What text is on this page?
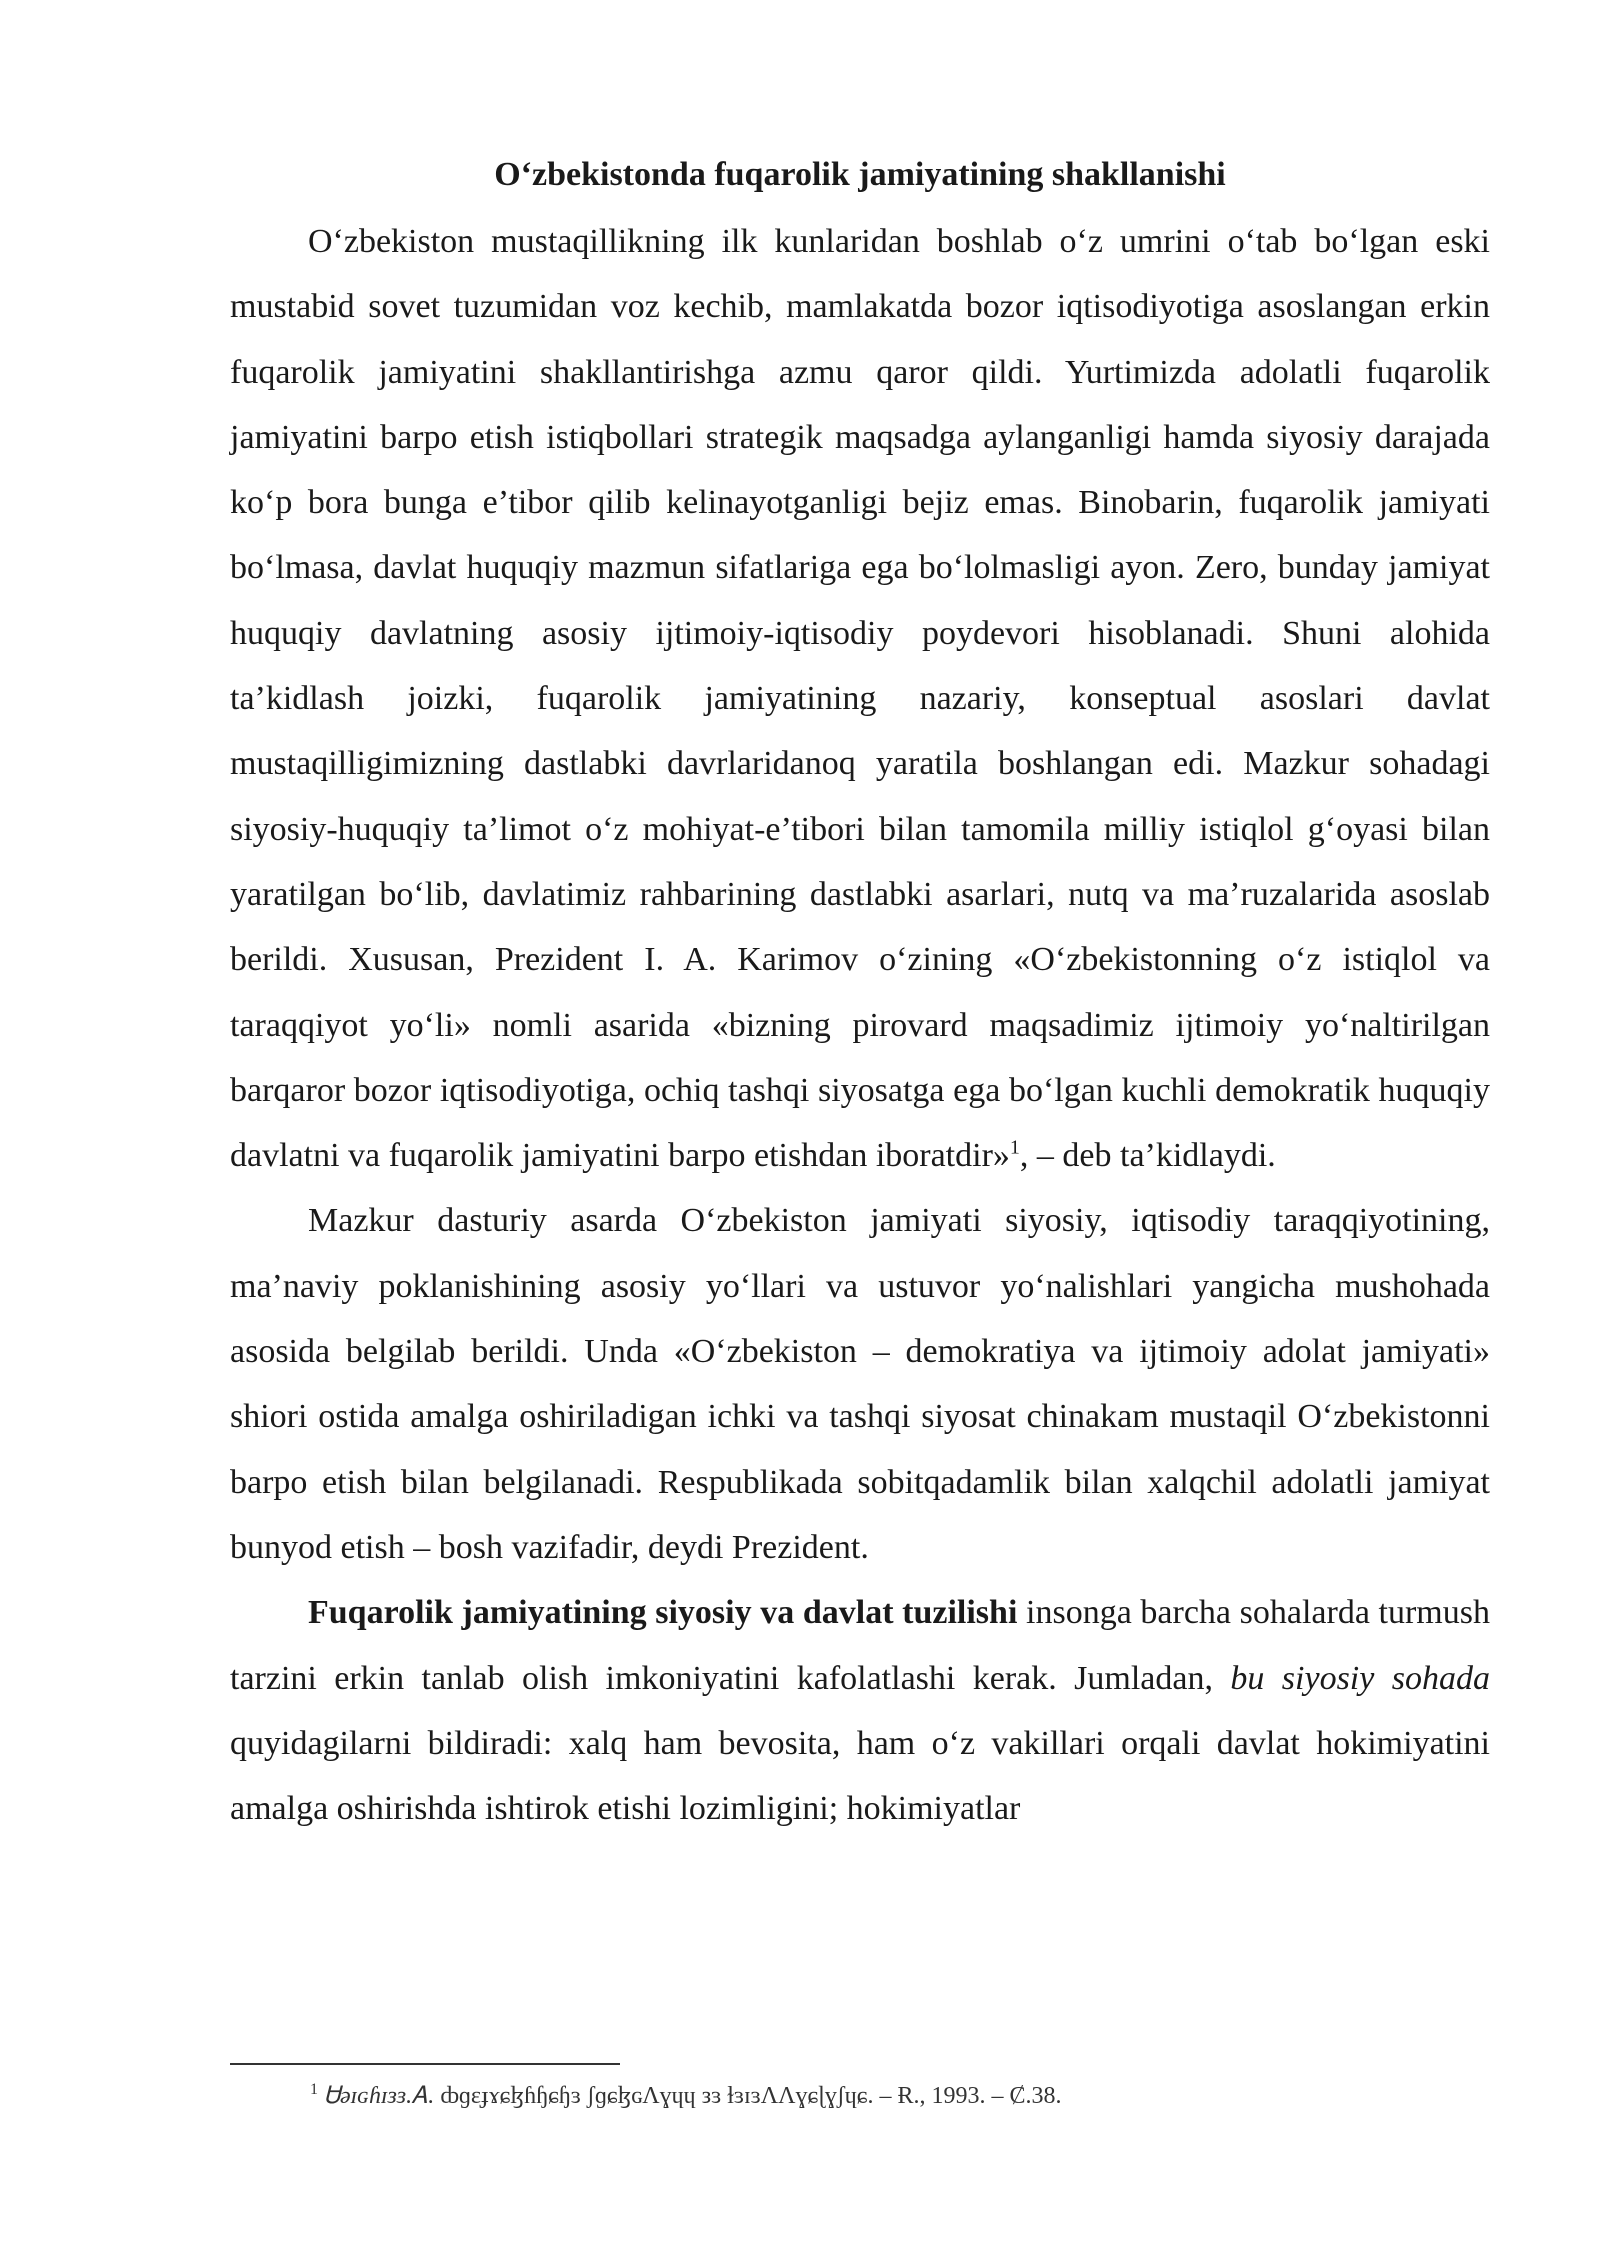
O‘zbekistonda fuqarolik jamiyatining shakllanishi

O‘zbekiston mustaqillikning ilk kunlaridan boshlab o‘z umrini o‘tab bo‘lgan eski mustabid sovet tuzumidan voz kechib, mamlakatda bozor iqtisodiyotiga asoslangan erkin fuqarolik jamiyatini shakllantirishga azmu qaror qildi. Yurtimizda adolatli fuqarolik jamiyatini barpo etish istiqbollari strategik maqsadga aylanganligi hamda siyosiy darajada ko‘p bora bunga e’tibor qilib kelinayotganligi bejiz emas. Binobarin, fuqarolik jamiyati bo‘lmasa, davlat huquqiy mazmun sifatlariga ega bo‘lolmasligi ayon. Zero, bunday jamiyat huquqiy davlatning asosiy ijtimoiy-iqtisodiy poydevori hisoblanadi. Shuni alohida ta’kidlash joizki, fuqarolik jamiyatining nazariy, konseptual asoslari davlat mustaqilligimizning dastlabki davrlaridanoq yaratila boshlangan edi. Mazkur sohadagi siyosiy-huquqiy ta’limot o‘z mohiyat-e’tibori bilan tamomila milliy istiqlol g‘oyasi bilan yaratilgan bo‘lib, davlatimiz rahbarining dastlabki asarlari, nutq va ma’ruzalarida asoslab berildi. Xususan, Prezident I. A. Karimov o‘zining «O‘zbekistonning o‘z istiqlol va taraqqiyot yo‘li» nomli asarida «bizning pirovard maqsadimiz ijtimoiy yo‘naltirilgan barqaror bozor iqtisodiyotiga, ochiq tashqi siyosatga ega bo‘lgan kuchli demokratik huquqiy davlatni va fuqarolik jamiyatini barpo etishdan iboratdir»$^1$, – deb ta’kidlaydi.

Mazkur dasturiy asarda O‘zbekiston jamiyati siyosiy, iqtisodiy taraqqiyotining, ma’naviy poklanishining asosiy yo‘llari va ustuvor yo‘nalishlari yangicha mushohada asosida belgilab berildi. Unda «O‘zbekiston – demokratiya va ijtimoiy adolat jamiyati» shiori ostida amalga oshiriladigan ichki va tashqi siyosat chinakam mustaqil O‘zbekistonni barpo etish bilan belgilanadi. Respublikada sobitqadamlik bilan xalqchil adolatli jamiyat bunyod etish – bosh vazifadir, deydi Prezident.

Fuqarolik jamiyatining siyosiy va davlat tuzilishi insonga barcha sohalarda turmush tarzini erkin tanlab olish imkoniyatini kafolatlashi kerak. Jumladan, bu siyosiy sohada quyidagilarni bildiradi: xalq ham bevosita, ham o‘z vakillari orqali davlat hokimiyatini amalga oshirishda ishtirok etishi lozimligini; hokimiyatlar

$^1$ Ꮜǝɪɢɦɪзɜ.Ꭺ. ȸɡɛɟɤɕɮɦɧɕɧɜ ʃɡɕɮɢɅɣɥɥ зɜ ɫɜɪɜɅɅɣɕɭɣʃɥɕ. – Ɍ., 1993. – Ȼ.38.
